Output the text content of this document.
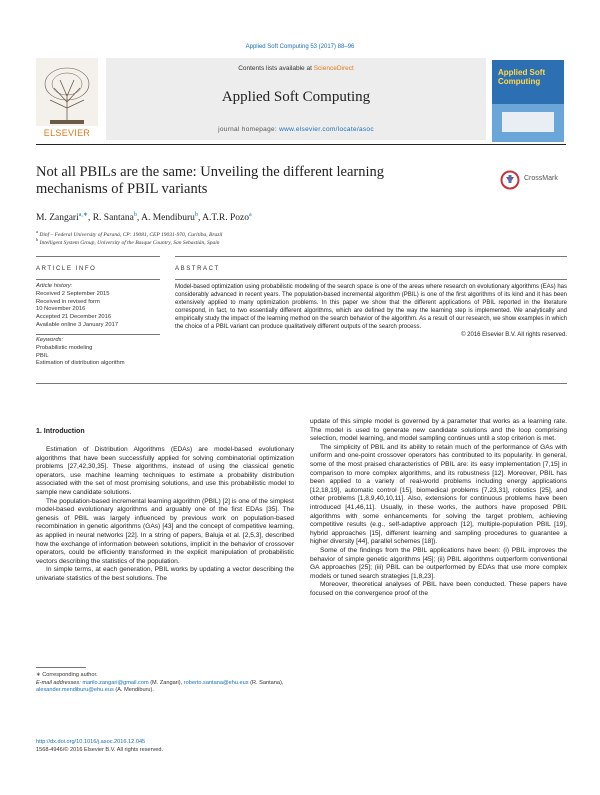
Applied Soft Computing 53 (2017) 88–96
ELSEVIER
Contents lists available at ScienceDirect
Applied Soft Computing
journal homepage: www.elsevier.com/locate/asoc
Applied Soft Computing
Not all PBILs are the same: Unveiling the different learning mechanisms of PBIL variants
CrossMark
M. Zangari$^{a,∗}$, R. Santana$^b$, A. Mendiburu$^b$, A.T.R. Pozo$^a$
$^a$ Dinf – Federal University of Paraná, CP: 19081, CEP 19031-970, Curitiba, Brazil
$^b$ Intelligent System Group, University of the Basque Country, San Sebastián, Spain
ARTICLE INFO
Article history:
Received 2 September 2015
Received in revised form
10 November 2016
Accepted 21 December 2016
Available online 3 January 2017
Keywords:
Probabilistic modeling
PBIL
Estimation of distribution algorithm
ABSTRACT
Model-based optimization using probabilistic modeling of the search space is one of the areas where research on evolutionary algorithms (EAs) has considerably advanced in recent years. The population-based incremental algorithm (PBIL) is one of the first algorithms of its kind and it has been extensively applied to many optimization problems. In this paper we show that the different applications of PBIL reported in the literature correspond, in fact, to two essentially different algorithms, which are defined by the way the learning step is implemented. We analytically and empirically study the impact of the learning method on the search behavior of the algorithm. As a result of our research, we show examples in which the choice of a PBIL variant can produce qualitatively different outputs of the search process.
© 2016 Elsevier B.V. All rights reserved.
1. Introduction

Estimation of Distribution Algorithms (EDAs) are model-based evolutionary algorithms that have been successfully applied for solving combinatorial optimization problems [27,42,30,35]. These algorithms, instead of using the classical genetic operators, use machine learning techniques to estimate a probability distribution associated with the set of most promising solutions, and use this probabilistic model to sample new candidate solutions.

The population-based incremental learning algorithm (PBIL) [2] is one of the simplest model-based evolutionary algorithms and arguably one of the first EDAs [35]. The genesis of PBIL was largely influenced by previous work on population-based recombination in genetic algorithms (GAs) [43] and the concept of competitive learning, as applied in neural networks [22]. In a string of papers, Baluja et al. [2,5,3], described how the exchange of information between solutions, implicit in the behavior of crossover operators, could be efficiently transformed in the explicit manipulation of probabilistic vectors describing the statistics of the population.

In simple terms, at each generation, PBIL works by updating a vector describing the univariate statistics of the best solutions. The

update of this simple model is governed by a parameter that works as a learning rate. The model is used to generate new candidate solutions and the loop comprising selection, model learning, and model sampling continues until a stop criterion is met.

The simplicity of PBIL and its ability to retain much of the performance of GAs with uniform and one-point crossover operators has contributed to its popularity. In general, some of the most praised characteristics of PBIL are: its easy implementation [7,15] in comparison to more complex algorithms, and its robustness [12]. Moreover, PBIL has been applied to a variety of real-world problems including energy applications [12,18,19], automatic control [15], biomedical problems [7,23,31], robotics [25], and other problems [1,8,9,40,10,11]. Also, extensions for continuous problems have been introduced [41,46,11]. Usually, in these works, the authors have proposed PBIL algorithms with some enhancements for solving the target problem, achieving competitive results (e.g., self-adaptive approach [12], multiple-population PBIL [19], hybrid approaches [15], different learning and sampling procedures to guarantee a higher diversity [44], parallel schemes [18]).

Some of the findings from the PBIL applications have been: (i) PBIL improves the behavior of simple genetic algorithms [45]; (ii) PBIL algorithms outperform conventional GA approaches [25]; (iii) PBIL can be outperformed by EDAs that use more complex models or tuned search strategies [1,8,23].

Moreover, theoretical analyses of PBIL have been conducted. These papers have focused on the convergence proof of the

∗ Corresponding author.
E-mail addresses: marilo.zangari@gmail.com (M. Zangari), roberto.santana@ehu.eus (R. Santana), alexander.mendiburu@ehu.eus (A. Mendiburu).
http://dx.doi.org/10.1016/j.asoc.2016.12.045
1568-4946/© 2016 Elsevier B.V. All rights reserved.
